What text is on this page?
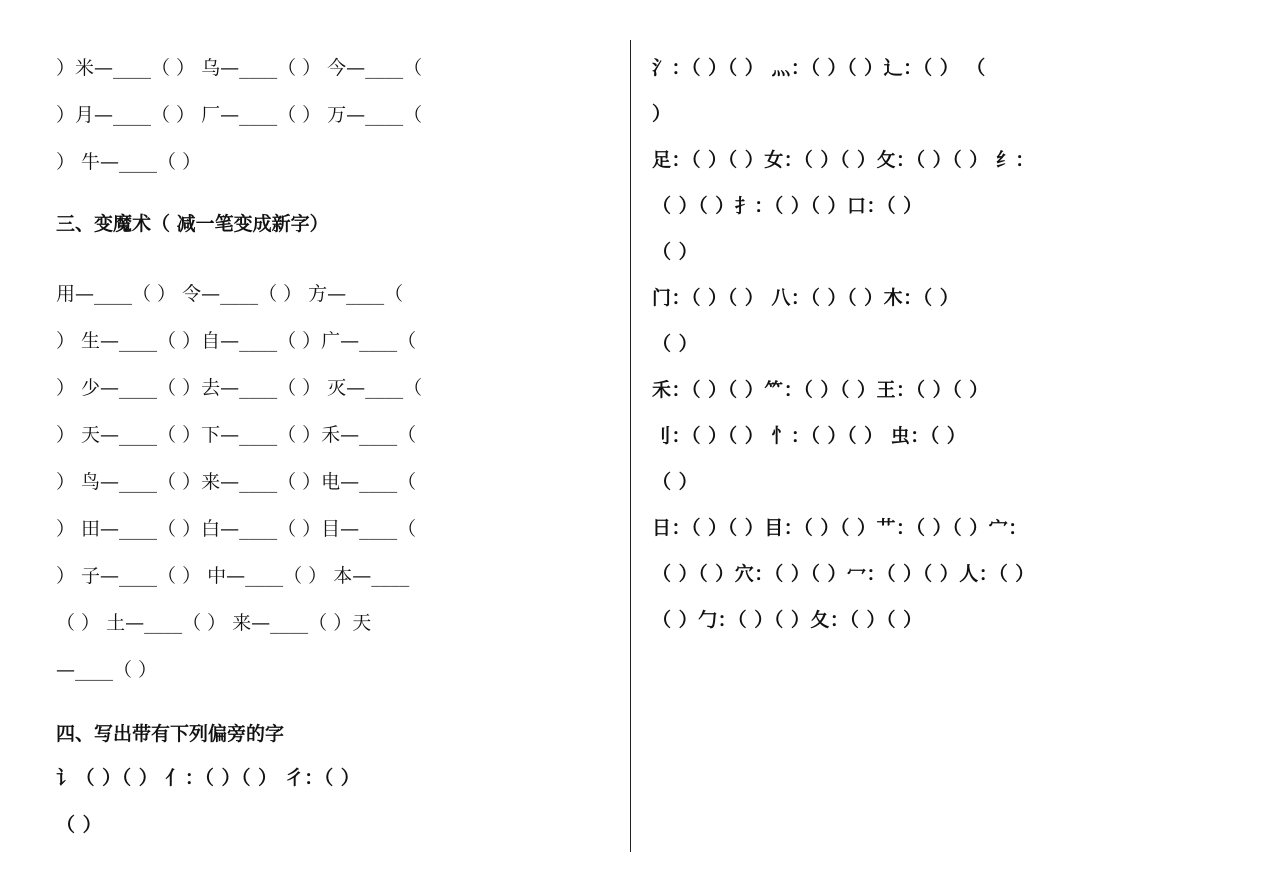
）米—____（ ） 乌—____（ ） 今—____（
）月—____（ ） 厂—____（ ） 万—____（
） 牛—____（ ）
三、变魔术（ 减一笔变成新字）
用—____（ ） 令—____（ ） 方—____（
） 生—____（ ）自—____（ ）广—____（
） 少—____（ ）去—____（ ） 灭—____（
） 天—____（ ）下—____（ ）禾—____（
） 鸟—____（ ）来—____（ ）电—____（
） 田—____（ ）白—____（ ）目—____（
） 子—____（ ） 中—____（ ） 本—____
（ ） 土—____（ ） 来—____（ ）天
—____（ ）
四、写出带有下列偏旁的字
讠（ ）（ ） 亻：（ ）（ ） 彳：（ ）
（ ）
氵：（ ）（ ） 灬：（ ）（ ）辶：（ ） （
）
足：（ ）（ ）女：（ ）（ ）攵：（ ）（ ） 纟：
（ ）（ ）扌：（ ）（ ）口：（ ）
（ ）
门：（ ）（ ） 八：（ ）（ ）木：（ ）
（ ）
禾：（ ）（ ）⺮：（ ）（ ）王：（ ）（ ）
刂：（ ）（ ） 忄：（ ）（ ） 虫：（ ）
（ ）
日：（ ）（ ）目：（ ）（ ）艹：（ ）（ ）宀：
（ ）（ ）穴：（ ）（ ）冖：（ ）（ ）人：（ ）
（ ）勹：（ ）（ ）夂：（ ）（ ）
